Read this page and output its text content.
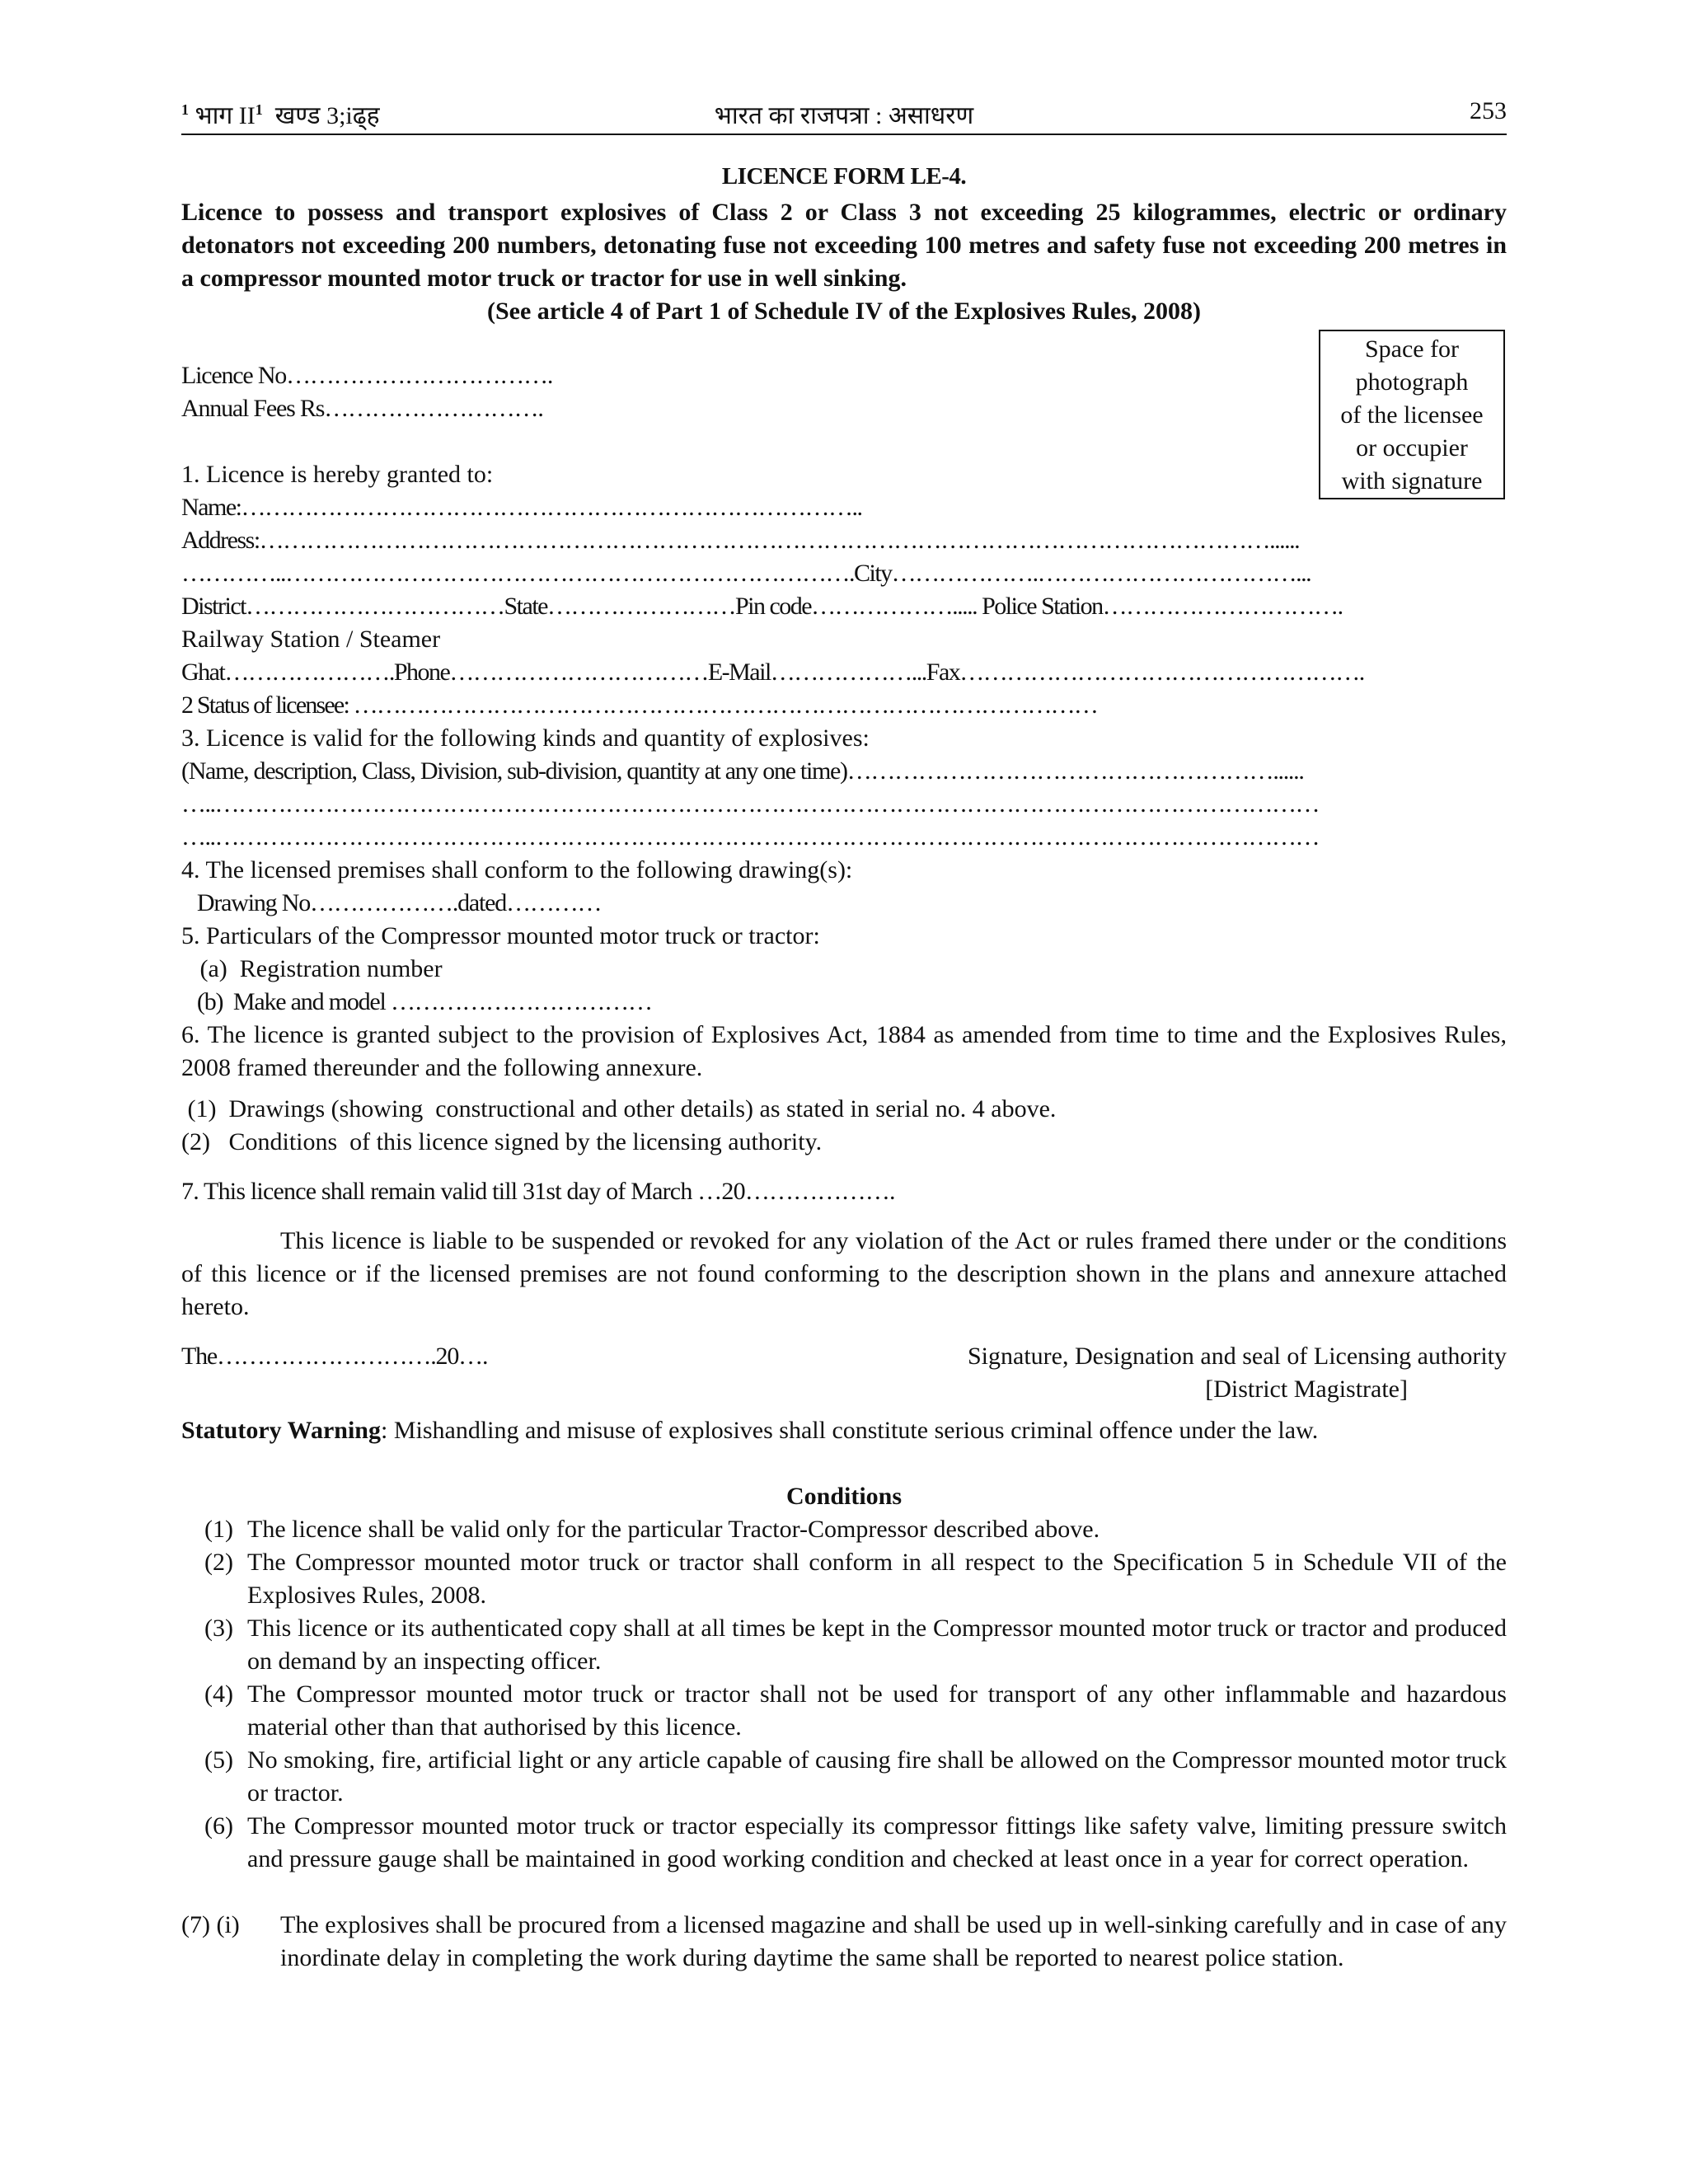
$^1$ भाग $II^1$ खण्ड 3;iढ्ह	भारत का राजपत्रा : असाधरण	253
LICENCE FORM LE-4.
Licence to possess and transport explosives of Class 2 or Class 3 not exceeding 25 kilogrammes, electric or ordinary detonators not exceeding 200 numbers, detonating fuse not exceeding 100 metres and safety fuse not exceeding 200 metres in a compressor mounted motor truck or tractor for use in well sinking.
(See article 4 of Part 1 of Schedule IV of the Explosives Rules, 2008)
Space for
photograph
of the licensee
or occupier
with signature
Licence No…………………………….
Annual Fees Rs……………………….
1. Licence is hereby granted to:
Name:……………………………………………………………………..
Address:…………………………………………………………………………………………………………………......
…………..……………………………………………………………….City……………….……………………………...
District……………………………State……………………Pin code………………..... Police Station………………………….
Railway Station / Steamer
Ghat………………….Phone……………………………E-Mail………………...Fax…………………………………………….
2 Status of licensee: ……………………………………………………………………………………
3. Licence is valid for the following kinds and quantity of explosives:
(Name, description, Class, Division, sub-division, quantity at any one time)………………………………………………......
…..……………………………………………………………………………………………………………………………
…..……………………………………………………………………………………………………………………………
4. The licensed premises shall conform to the following drawing(s):
Drawing No……………….dated…………
5. Particulars of the Compressor mounted motor truck or tractor:
(a)  Registration number
(b)  Make and model ……………………………
6. The licence is granted subject to the provision of Explosives Act, 1884 as amended from time to time and the Explosives Rules, 2008 framed thereunder and the following annexure.
(1)  Drawings (showing  constructional and other details) as stated in serial no. 4 above.
(2)   Conditions  of this licence signed by the licensing authority.
7. This licence shall remain valid till 31st day of March …20……………….
This licence is liable to be suspended or revoked for any violation of the Act or rules framed there under or the conditions of this licence or if the licensed premises are not found conforming to the description shown in the plans and annexure attached hereto.
The……………………….20….	Signature, Designation and seal of Licensing authority
[District Magistrate]
Statutory Warning: Mishandling and misuse of explosives shall constitute serious criminal offence under the law.
Conditions
(1) The licence shall be valid only for the particular Tractor-Compressor described above.
(2) The Compressor mounted motor truck or tractor shall conform in all respect to the Specification 5 in Schedule VII of the Explosives Rules, 2008.
(3) This licence or its authenticated copy shall at all times be kept in the Compressor mounted motor truck or tractor and produced on demand by an inspecting officer.
(4) The Compressor mounted motor truck or tractor shall not be used for transport of any other inflammable and hazardous material other than that authorised by this licence.
(5) No smoking, fire, artificial light or any article capable of causing fire shall be allowed on the Compressor mounted motor truck or tractor.
(6) The Compressor mounted motor truck or tractor especially its compressor fittings like safety valve, limiting pressure switch and pressure gauge shall be maintained in good working condition and checked at least once in a year for correct operation.
(7) (i) The explosives shall be procured from a licensed magazine and shall be used up in well-sinking carefully and in case of any inordinate delay in completing the work during daytime the same shall be reported to nearest police station.
